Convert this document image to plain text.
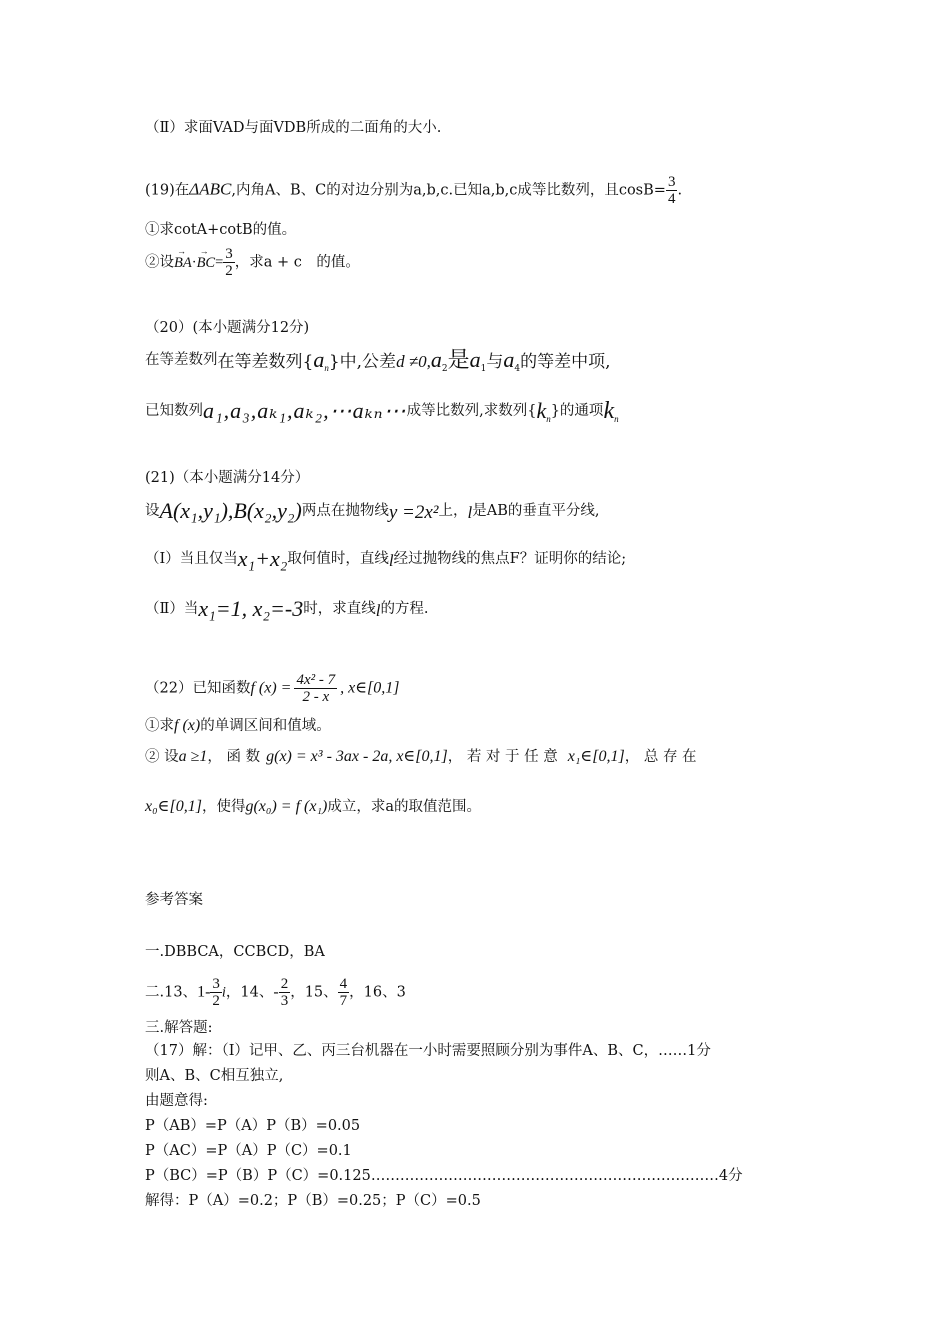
（Ⅱ）求面VAD与面VDB所成的二面角的大小.
(19)在ΔABC,内角A、B、C的对边分别为a,b,c.已知a,b,c成等比数列，且$\cos B= \frac{3}{4}$ .
①求cotA+cotB的值。
②设→ $BA\cdot\to BC= \frac{3}{2}$ ，求a + c　的值。
（20）(本小题满分12分)
在等差数列在等差数列$\{a_n\}$中,公差$d \ne 0,a_2$是$a_1$与$a_4$的等差中项,
已知数列a₁,a₃,aₖ₁,aₖ₂,⋯aₖₙ⋯成等比数列,求数列$\{k_n\}$的通项$k_n$
(21)（本小题满分14分）
设A(x₁,y₁),B(x₂,y₂)两点在抛物线y =2x²上，l是AB的垂直平分线,
（Ⅰ）当且仅当x₁+x₂取何值时，直线l经过抛物线的焦点F？证明你的结论;
（Ⅱ）当x₁=1, x₂=-3时，求直线l的方程.
（22）已知函数f $(x) = \frac{\text{4x² - 7}}{2 - x}$ , x∈[0,1]
①求f (x)的单调区间和值域。
② 设a ≥1， 函 数 g(x) = x³ - 3ax - 2a, x∈[0,1]， 若 对 于 任 意 x₁∈[0,1]， 总 存 在
x₀∈[0,1]，使得g(x₀) = f (x₁)成立，求a的取值范围。
参考答案
一.DBBCA，CCBCD，BA
二.13、$1- \frac{3}{2}$ i，14、- $\frac{2}{3}$ ，15、 $\frac{4}{7}$ ，16、3
三.解答题:
（17）解：（Ⅰ）记甲、乙、丙三台机器在一小时需要照顾分别为事件A、B、C，……1分
则A、B、C相互独立,
由题意得:
P（AB）=P（A）P（B）=0.05
P（AC）=P（A）P（C）=0.1
P（BC）=P（B）P（C）=0.125………………………………………………………………4分
解得：P（A）=0.2；P（B）=0.25；P（C）=0.5
